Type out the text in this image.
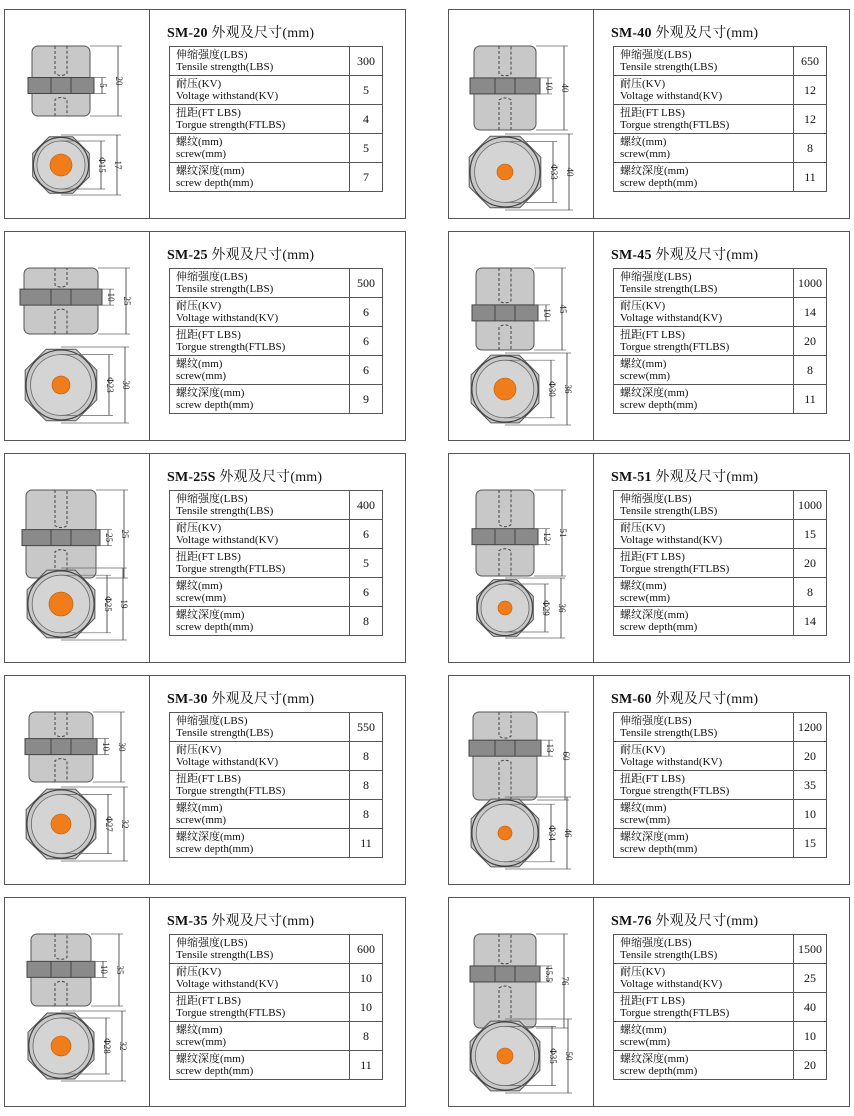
5 20
Φ15 17
SM-20 外观及尺寸(mm)
伸缩强度(LBS)
Tensile strength(LBS)	300

耐压(KV)
Voltage withstand(KV)	5

扭距(FT LBS)
Torgue strength(FTLBS)	4

螺纹(mm)
screw(mm)	5

螺纹深度(mm)
screw depth(mm)	7
10 40
Φ33 40
SM-40 外观及尺寸(mm)
伸缩强度(LBS)
Tensile strength(LBS)	650

耐压(KV)
Voltage withstand(KV)	12

扭距(FT LBS)
Torgue strength(FTLBS)	12

螺纹(mm)
screw(mm)	8

螺纹深度(mm)
screw depth(mm)	11
10 25
Φ23 30
SM-25 外观及尺寸(mm)
伸缩强度(LBS)
Tensile strength(LBS)	500

耐压(KV)
Voltage withstand(KV)	6

扭距(FT LBS)
Torgue strength(FTLBS)	6

螺纹(mm)
screw(mm)	6

螺纹深度(mm)
screw depth(mm)	9
10 45
Φ30 36
SM-45 外观及尺寸(mm)
伸缩强度(LBS)
Tensile strength(LBS)	1000

耐压(KV)
Voltage withstand(KV)	14

扭距(FT LBS)
Torgue strength(FTLBS)	20

螺纹(mm)
screw(mm)	8

螺纹深度(mm)
screw depth(mm)	11
25 25
Φ25 19
SM-25S 外观及尺寸(mm)
伸缩强度(LBS)
Tensile strength(LBS)	400

耐压(KV)
Voltage withstand(KV)	6

扭距(FT LBS)
Torgue strength(FTLBS)	5

螺纹(mm)
screw(mm)	6

螺纹深度(mm)
screw depth(mm)	8
12 51
Φ29 36
SM-51 外观及尺寸(mm)
伸缩强度(LBS)
Tensile strength(LBS)	1000

耐压(KV)
Voltage withstand(KV)	15

扭距(FT LBS)
Torgue strength(FTLBS)	20

螺纹(mm)
screw(mm)	8

螺纹深度(mm)
screw depth(mm)	14
10 30
Φ27 32
SM-30 外观及尺寸(mm)
伸缩强度(LBS)
Tensile strength(LBS)	550

耐压(KV)
Voltage withstand(KV)	8

扭距(FT LBS)
Torgue strength(FTLBS)	8

螺纹(mm)
screw(mm)	8

螺纹深度(mm)
screw depth(mm)	11
13
60
Φ34 46
SM-60 外观及尺寸(mm)
伸缩强度(LBS)
Tensile strength(LBS)	1200

耐压(KV)
Voltage withstand(KV)	20

扭距(FT LBS)
Torgue strength(FTLBS)	35

螺纹(mm)
screw(mm)	10

螺纹深度(mm)
screw depth(mm)	15
10 35
Φ28 32
SM-35 外观及尺寸(mm)
伸缩强度(LBS)
Tensile strength(LBS)	600

耐压(KV)
Voltage withstand(KV)	10

扭距(FT LBS)
Torgue strength(FTLBS)	10

螺纹(mm)
screw(mm)	8

螺纹深度(mm)
screw depth(mm)	11
15.5 76
Φ35 50
SM-76 外观及尺寸(mm)
伸缩强度(LBS)
Tensile strength(LBS)	1500

耐压(KV)
Voltage withstand(KV)	25

扭距(FT LBS)
Torgue strength(FTLBS)	40

螺纹(mm)
screw(mm)	10

螺纹深度(mm)
screw depth(mm)	20
